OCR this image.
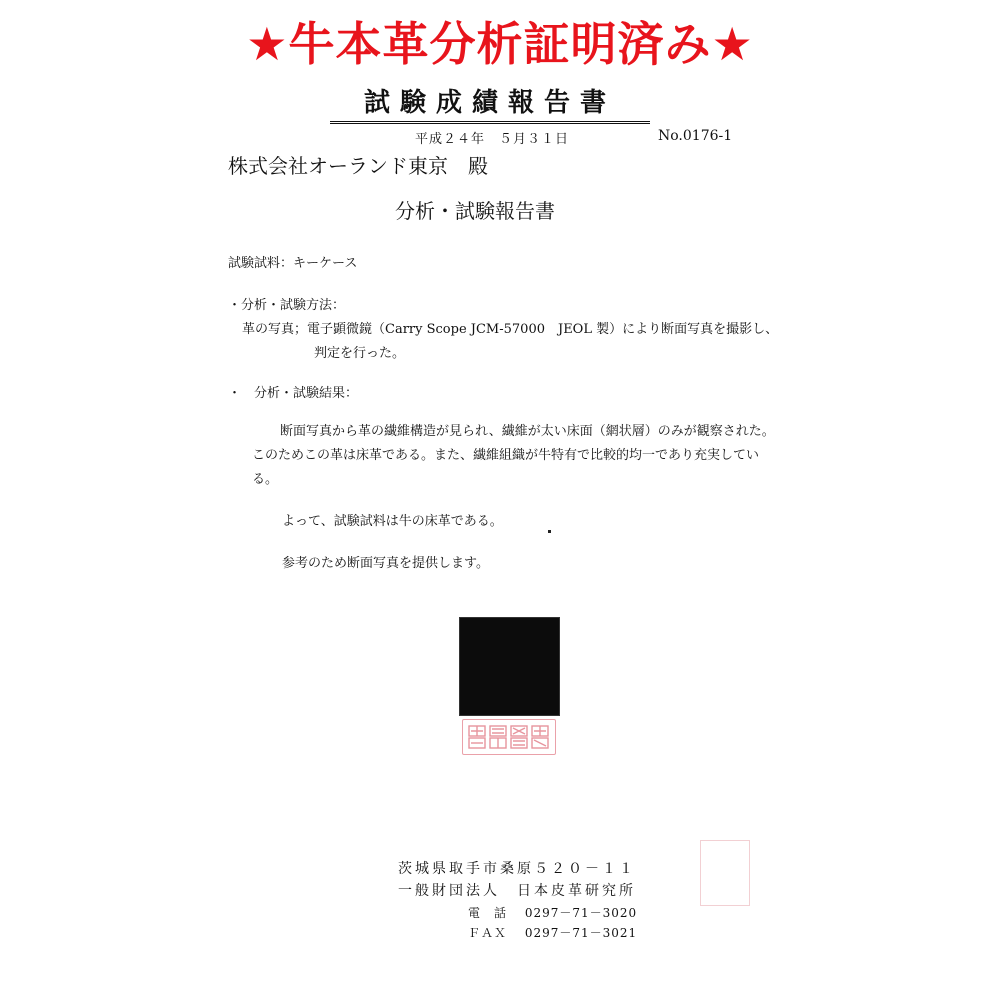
★牛本革分析証明済み★
試験成績報告書
平成２４年　５月３１日	No.0176-1
株式会社オーランド東京　殿
分析・試験報告書
試験試料：キーケース
・分析・試験方法：
革の写真；電子顕微鏡（Carry Scope JCM-57000　JEOL 製）により断面写真を撮影し、
判定を行った。
・　分析・試験結果：
断面写真から革の繊維構造が見られ、繊維が太い床面（網状層）のみが観察された。このためこの革は床革である。また、繊維組織が牛特有で比較的均一であり充実している。
よって、試験試料は牛の床革である。
参考のため断面写真を提供します。
茨城県取手市桑原５２０－１１
一般財団法人　日本皮革研究所
電　話　 0297－71－3020
ＦＡＸ　 0297－71－3021
